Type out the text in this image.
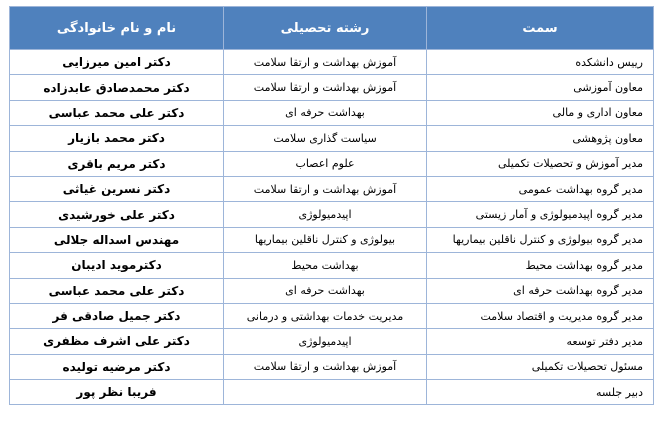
سمت	رشته تحصیلی	نام و نام خانوادگی
رییس دانشکده	آموزش بهداشت و ارتقا سلامت	دکتر امین میرزایی
معاون آموزشی	آموزش بهداشت و ارتقا سلامت	دکتر محمدصادق عابدزاده
معاون اداری و مالی	بهداشت حرفه ای	دکتر علی محمد عباسی
معاون پژوهشی	سیاست گذاری سلامت	دکتر محمد بازیار
مدیر آموزش و تحصیلات تکمیلی	علوم اعصاب	دکتر مریم باقری
مدیر گروه بهداشت عمومی	آموزش بهداشت و ارتقا سلامت	دکتر نسرین غیاثی
مدیر گروه اپیدمیولوژی و آمار زیستی	اپیدمیولوژی	دکتر علی خورشیدی
مدیر گروه بیولوژی و کنترل ناقلین بیماریها	بیولوژی و کنترل ناقلین بیماریها	مهندس اسداله جلالی
مدیر گروه بهداشت محیط	بهداشت محیط	دکترموید ادیبان
مدیر گروه بهداشت حرفه ای	بهداشت حرفه ای	دکتر علی محمد عباسی
مدیر گروه مدیریت و اقتصاد سلامت	مدیریت خدمات بهداشتی و درمانی	دکتر جمیل صادقی فر
مدیر دفتر توسعه	اپیدمیولوژی	دکتر علی اشرف مظفری
مسئول تحصیلات تکمیلی	آموزش بهداشت و ارتقا سلامت	دکتر مرضیه تولیده
دبیر جلسه		فریبا نظر پور
